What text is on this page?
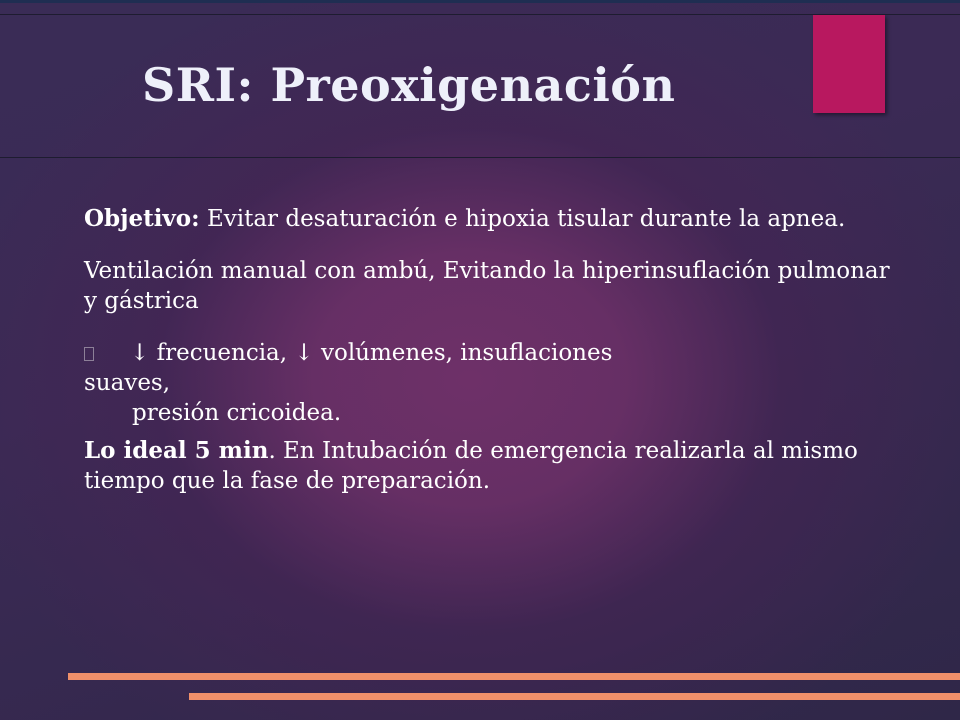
SRI: Preoxigenación

Objetivo: Evitar desaturación e hipoxia tisular durante la apnea.

Ventilación manual con ambú, Evitando la hiperinsuflación pulmonar y gástrica

↓ frecuencia, ↓ volúmenes, insuflaciones
suaves,

presión cricoidea.

Lo ideal 5 min. En Intubación de emergencia realizarla al mismo tiempo que la fase de preparación.
